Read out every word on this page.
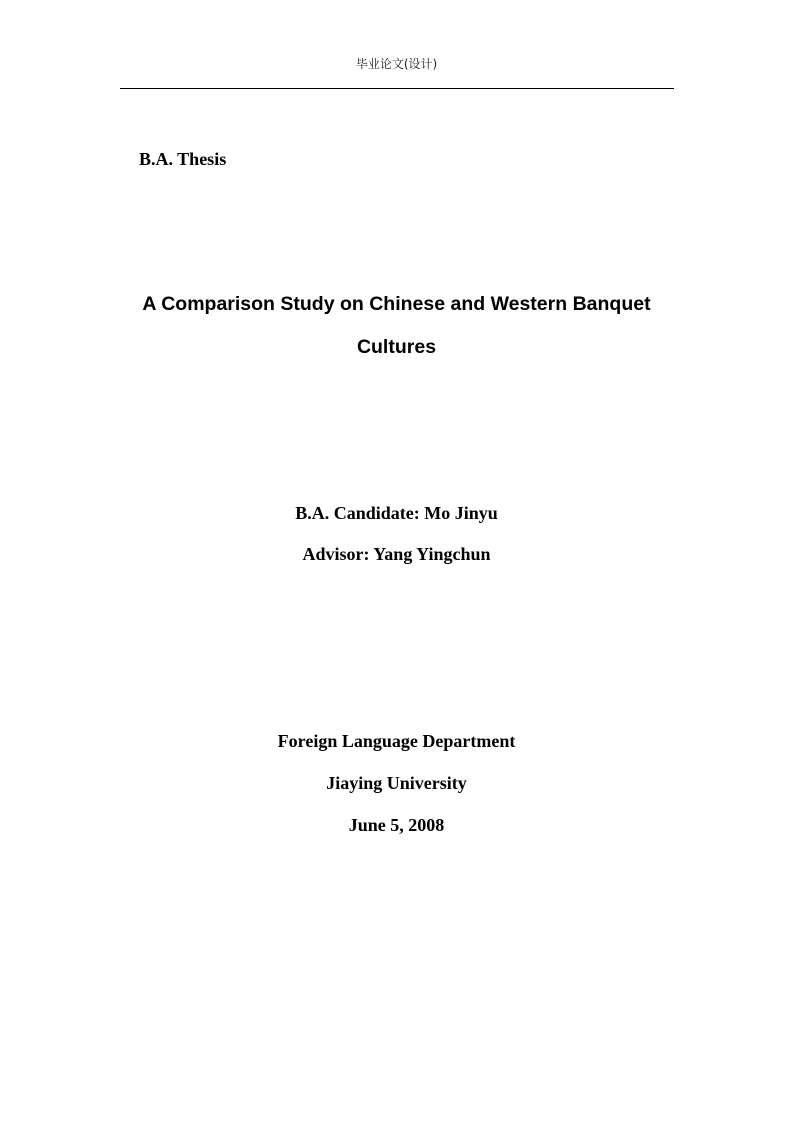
毕业论文(设计)
B.A. Thesis
A Comparison Study on Chinese and Western Banquet
Cultures
B.A. Candidate: Mo Jinyu
Advisor: Yang Yingchun
Foreign Language Department
Jiaying University
June 5, 2008
